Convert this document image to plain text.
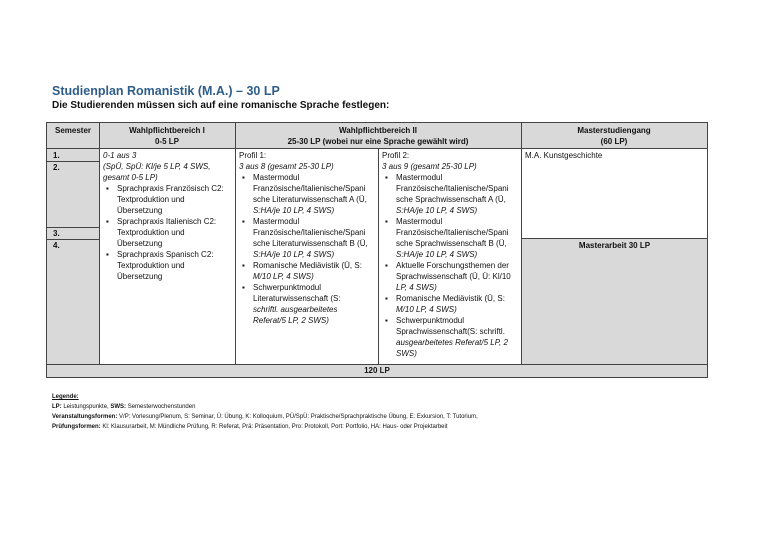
Studienplan Romanistik (M.A.) – 30 LP
Die Studierenden müssen sich auf eine romanische Sprache festlegen:
Semester	Wahlpflichtbereich I
0-5 LP
Wahlpflichtbereich II
25-30 LP (wobei nur eine Sprache gewählt wird)
Masterstudiengang
(60 LP)
1.
2.
3.
4.
0-1 aus 3
(SpÜ, SpÜ: Kl/je 5 LP, 4 SWS,
gesamt 0-5 LP)
▪ Sprachpraxis Französisch C2:
Textproduktion und
Übersetzung
▪ Sprachpraxis Italienisch C2:
Textproduktion und
Übersetzung
▪ Sprachpraxis Spanisch C2:
Textproduktion und
Übersetzung
Profil 1:
3 aus 8 (gesamt 25-30 LP)
▪ Mastermodul
Französische/Italienische/Spani
sche Literaturwissenschaft A (Ü,
S:HA/je 10 LP, 4 SWS)
▪ Mastermodul
Französische/Italienische/Spani
sche Literaturwissenschaft B (Ü,
S:HA/je 10 LP, 4 SWS)
▪ Romanische Mediävistik (Ü, S:
M/10 LP, 4 SWS)
▪ Schwerpunktmodul
Literaturwissenschaft (S:
schriftl. ausgearbeitetes
Referat/5 LP, 2 SWS)
Profil 2:
3 aus 9 (gesamt 25-30 LP)
▪ Mastermodul
Französische/Italienische/Spani
sche Sprachwissenschaft A (Ü,
S:HA/je 10 LP, 4 SWS)
▪ Mastermodul
Französische/Italienische/Spani
sche Sprachwissenschaft B (Ü,
S:HA/je 10 LP, 4 SWS)
▪ Aktuelle Forschungsthemen der
Sprachwissenschaft (Ü, Ü: Kl/10
LP, 4 SWS)
▪ Romanische Mediävistik (Ü, S:
M/10 LP, 4 SWS)
▪ Schwerpunktmodul
Sprachwissenschaft(S: schriftl.
ausgearbeitetes Referat/5 LP, 2
SWS)
M.A. Kunstgeschichte
Masterarbeit 30 LP
120 LP
Legende:
LP: Leistungspunkte, SWS: Semesterwochenstunden
Veranstaltungsformen: V/P: Vorlesung/Plenum, S: Seminar, Ü: Übung, K: Kolloquium, PÜ/SpÜ: Praktische/Sprachpraktische Übung, E: Exkursion, T: Tutorium,
Prüfungsformen: Kl: Klausurarbeit, M: Mündliche Prüfung, R: Referat, Prä: Präsentation, Pro: Protokoll, Port: Portfolio, HA: Haus- oder Projektarbeit
